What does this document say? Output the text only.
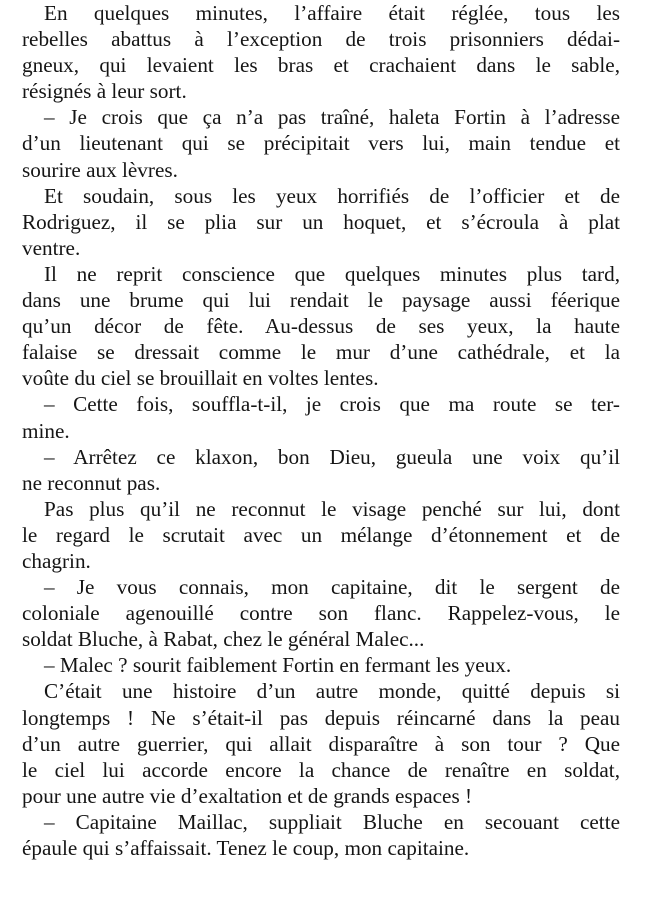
En quelques minutes, l’affaire était réglée, tous les
rebelles abattus à l’exception de trois prisonniers dédai-
gneux, qui levaient les bras et crachaient dans le sable,
résignés à leur sort.
– Je crois que ça n’a pas traîné, haleta Fortin à l’adresse
d’un lieutenant qui se précipitait vers lui, main tendue et
sourire aux lèvres.
Et soudain, sous les yeux horrifiés de l’officier et de
Rodriguez, il se plia sur un hoquet, et s’écroula à plat
ventre.
Il ne reprit conscience que quelques minutes plus tard,
dans une brume qui lui rendait le paysage aussi féerique
qu’un décor de fête. Au-dessus de ses yeux, la haute
falaise se dressait comme le mur d’une cathédrale, et la
voûte du ciel se brouillait en voltes lentes.
– Cette fois, souffla-t-il, je crois que ma route se ter-
mine.
– Arrêtez ce klaxon, bon Dieu, gueula une voix qu’il
ne reconnut pas.
Pas plus qu’il ne reconnut le visage penché sur lui, dont
le regard le scrutait avec un mélange d’étonnement et de
chagrin.
– Je vous connais, mon capitaine, dit le sergent de
coloniale agenouillé contre son flanc. Rappelez-vous, le
soldat Bluche, à Rabat, chez le général Malec...
– Malec ? sourit faiblement Fortin en fermant les yeux.
C’était une histoire d’un autre monde, quitté depuis si
longtemps ! Ne s’était-il pas depuis réincarné dans la peau
d’un autre guerrier, qui allait disparaître à son tour ? Que
le ciel lui accorde encore la chance de renaître en soldat,
pour une autre vie d’exaltation et de grands espaces !
– Capitaine Maillac, suppliait Bluche en secouant cette
épaule qui s’affaissait. Tenez le coup, mon capitaine.
